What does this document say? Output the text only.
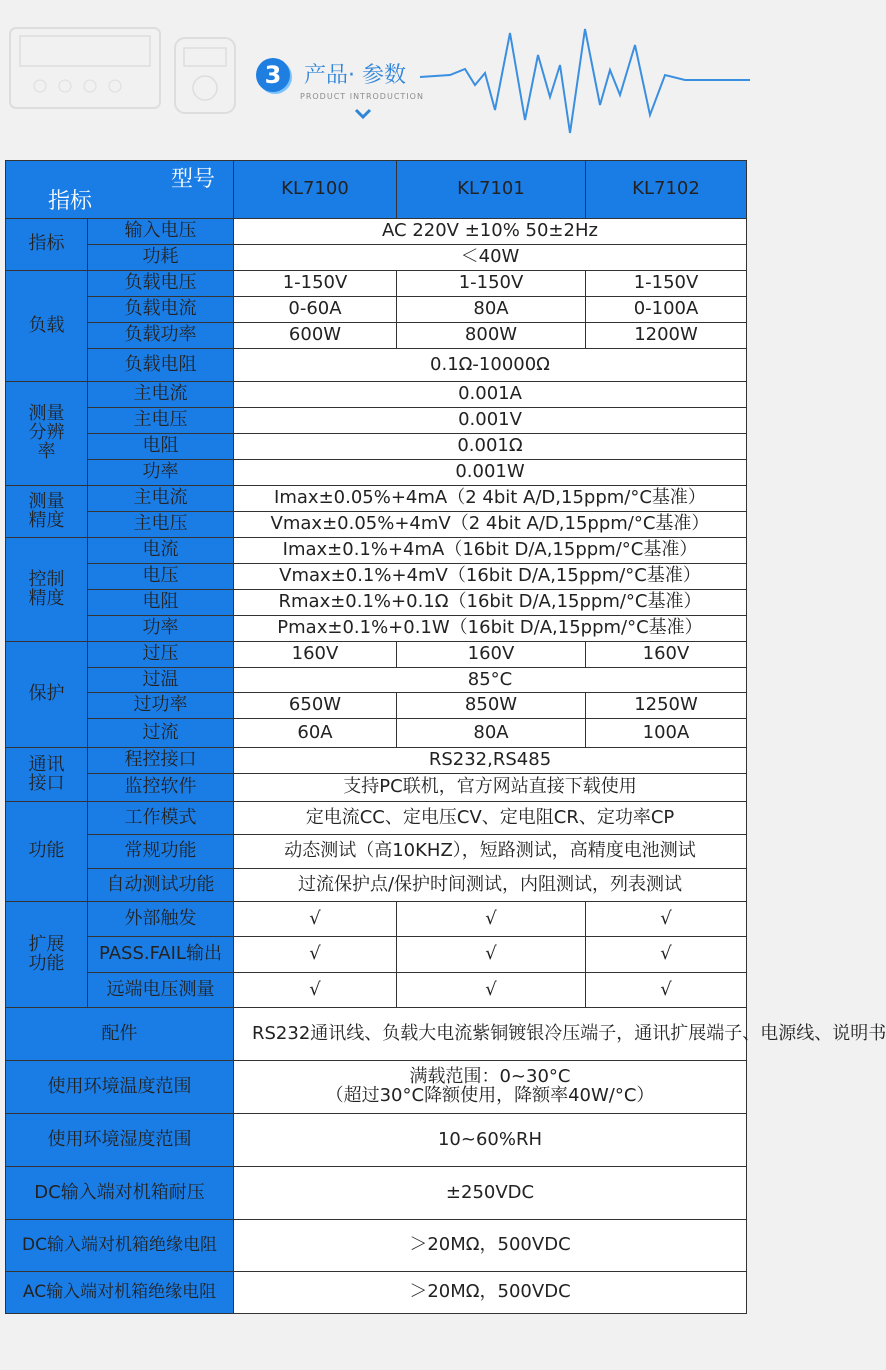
3	产品· 参数
PRODUCT INTRODUCTION
型号
指标		KL7100	KL7101	KL7102
指标	输入电压	AC 220V ±10% 50±2Hz		
	功耗	＜40W		
负载	负载电压	1-150V	1-150V	1-150V
	负载电流	0-60A	80A	0-100A
	负载功率	600W	800W	1200W
	负载电阻	0.1Ω-10000Ω		
测量
分辨
率	主电流	0.001A		
	主电压	0.001V		
	电阻	0.001Ω		
	功率	0.001W		
测量
精度	主电流	Imax±0.05%+4mA（2 4bit A/D,15ppm/°C基准）		
	主电压	Vmax±0.05%+4mV（2 4bit A/D,15ppm/°C基准）		
控制
精度	电流	Imax±0.1%+4mA（16bit D/A,15ppm/°C基准）		
	电压	Vmax±0.1%+4mV（16bit D/A,15ppm/°C基准）		
	电阻	Rmax±0.1%+0.1Ω（16bit D/A,15ppm/°C基准）		
	功率	Pmax±0.1%+0.1W（16bit D/A,15ppm/°C基准）		
保护	过压	160V	160V	160V
	过温	85°C		
	过功率	650W	850W	1250W
	过流	60A	80A	100A
通讯
接口	程控接口	RS232,RS485		
	监控软件	支持PC联机，官方网站直接下载使用		
功能	工作模式	定电流CC、定电压CV、定电阻CR、定功率CP		
	常规功能	动态测试（高10KHZ），短路测试，高精度电池测试		
	自动测试功能	过流保护点/保护时间测试，内阻测试，列表测试		
扩展
功能	外部触发	√	√	√
	PASS.FAIL输出	√	√	√
	远端电压测量	√	√	√
配件		RS232通讯线、负载大电流紫铜镀银冷压端子，通讯扩展端子、电源线、说明书		
使用环境温度范围		满载范围：0~30°C
（超过30°C降额使用，降额率40W/°C）		

使用环境湿度范围		10~60%RH		
DC输入端对机箱耐压		±250VDC		
DC输入端对机箱绝缘电阻		＞20MΩ，500VDC		
AC输入端对机箱绝缘电阻		＞20MΩ，500VDC		
